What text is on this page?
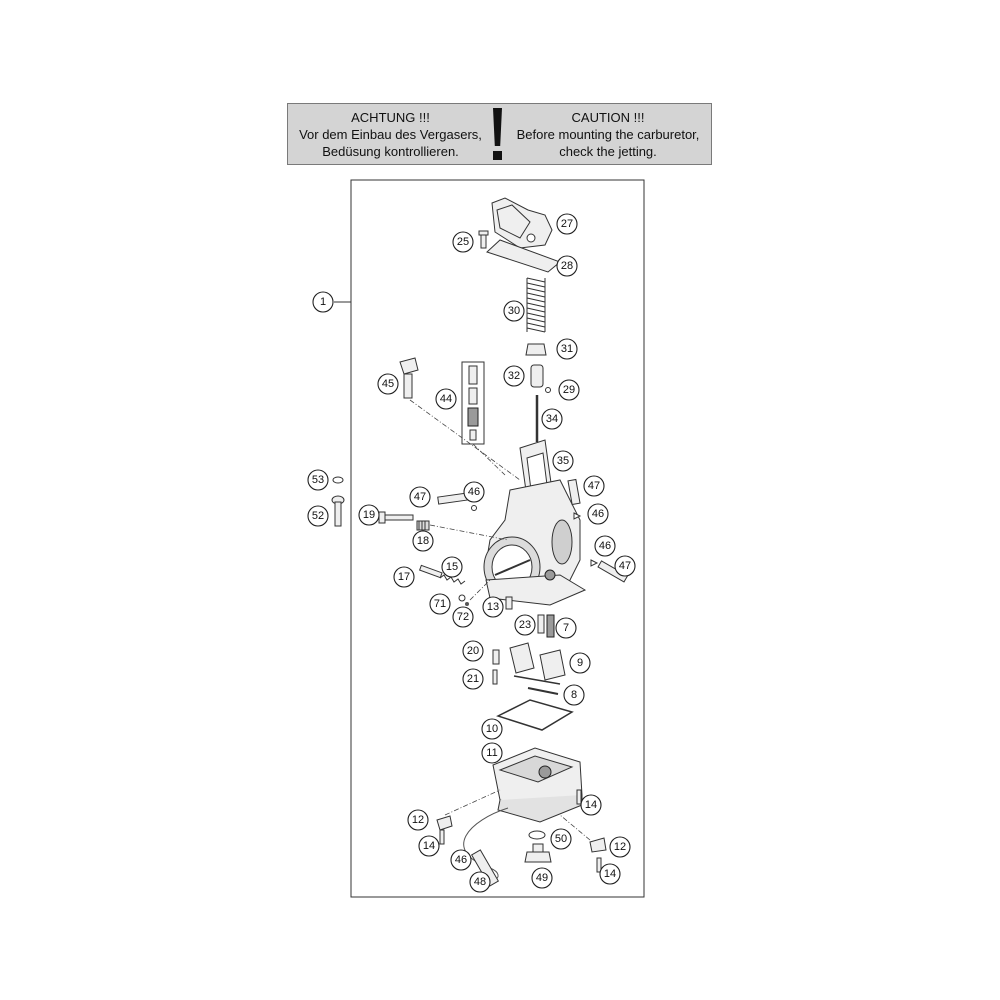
ACHTUNG !!!
Vor dem Einbau des Vergasers,
Bedüsung kontrollieren.
CAUTION !!!
Before mounting the carburetor,
check the jetting.
1
27
25
28
30
31
32
29
34
35
45
44
53
52
47	46	47
46
19
18	46
47
15
17
71	13
72
23	7
20
9
21
8
10
11
14
12
50
14	12
46
14
49
48
